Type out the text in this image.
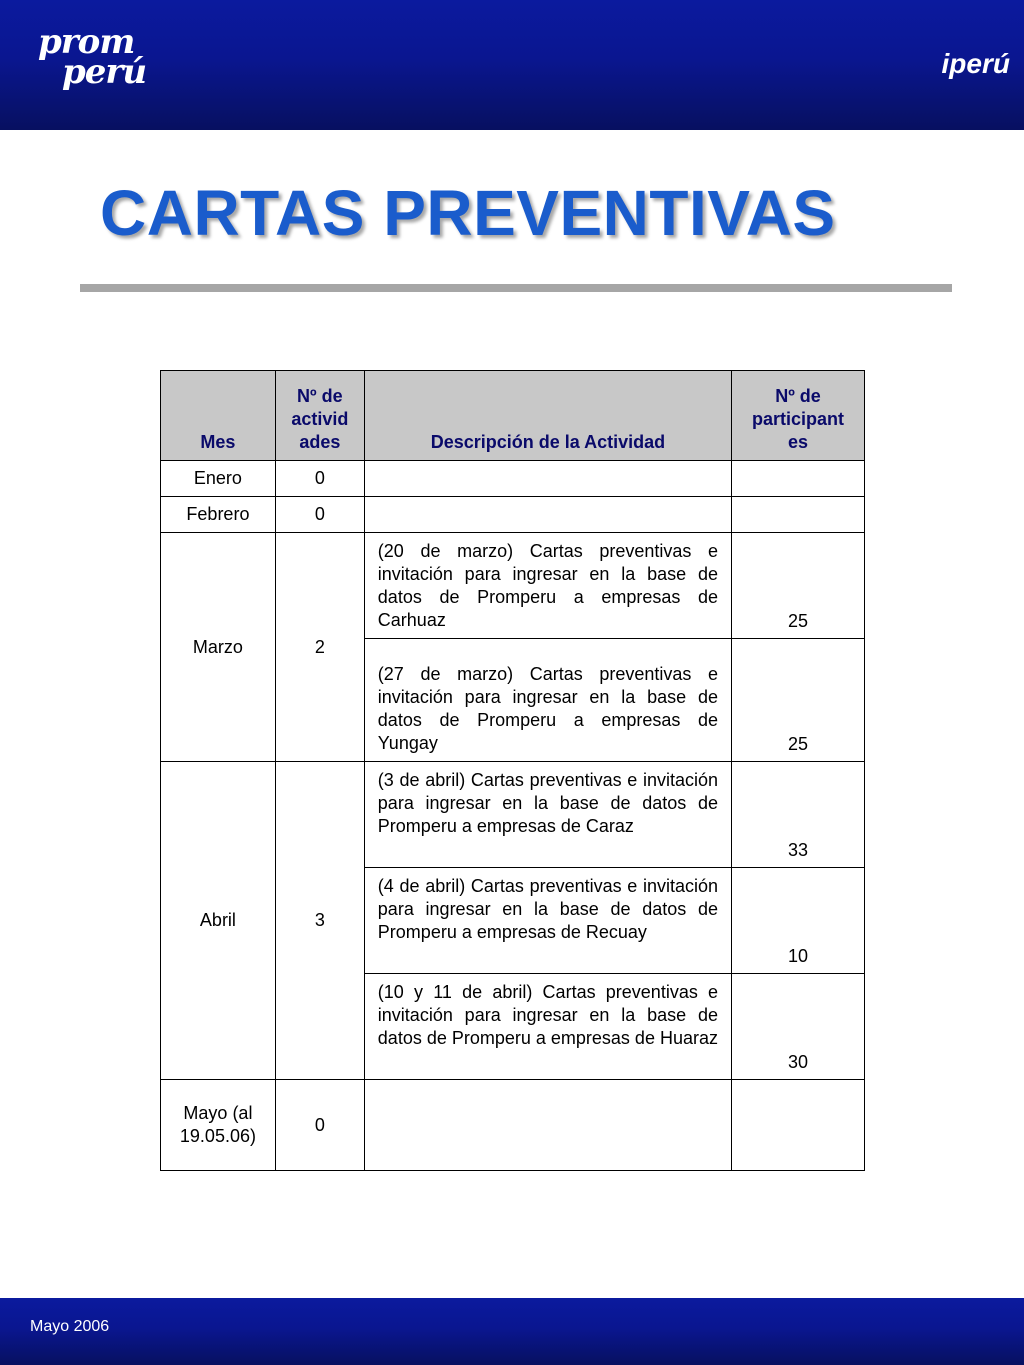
prom
perú	iperú
CARTAS PREVENTIVAS
Mes	Nº de actividades	Descripción de la Actividad	Nº de participantes
Enero	0		
Febrero	0		
Marzo	2	(20 de marzo) Cartas preventivas e invitación para ingresar en la base de datos de Promperu a empresas de Carhuaz	25
		(27 de marzo) Cartas preventivas e invitación para ingresar en la base de datos de Promperu a empresas de Yungay	25
Abril	3	(3 de abril) Cartas preventivas e invitación para ingresar en la base de datos de Promperu a empresas de Caraz	33
		(4 de abril) Cartas preventivas e invitación para ingresar en la base de datos de Promperu a empresas de Recuay	10
		(10 y 11 de abril) Cartas preventivas e invitación para ingresar en la base de datos de Promperu a empresas de Huaraz	30
Mayo (al 19.05.06)	0		
Mayo 2006
